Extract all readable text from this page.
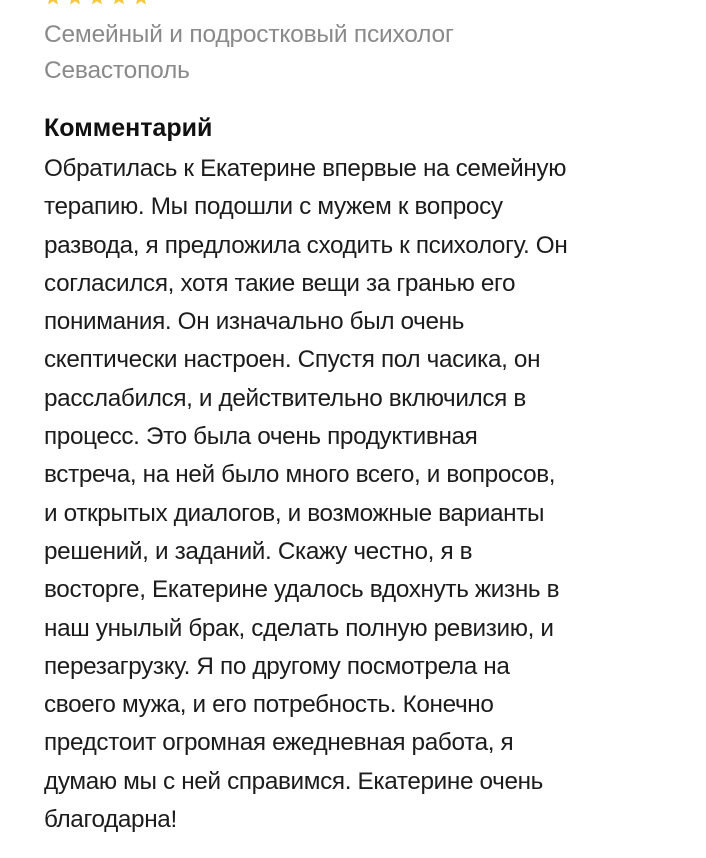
Семейный и подростковый психолог
Севастополь
Комментарий
Обратилась к Екатерине впервые на семейную
терапию. Мы подошли с мужем к вопросу
развода, я предложила сходить к психологу. Он
согласился, хотя такие вещи за гранью его
понимания. Он изначально был очень
скептически настроен. Спустя пол часика, он
расслабился, и действительно включился в
процесс. Это была очень продуктивная
встреча, на ней было много всего, и вопросов,
и открытых диалогов, и возможные варианты
решений, и заданий. Скажу честно, я в
восторге, Екатерине удалось вдохнуть жизнь в
наш унылый брак, сделать полную ревизию, и
перезагрузку. Я по другому посмотрела на
своего мужа, и его потребность. Конечно
предстоит огромная ежедневная работа, я
думаю мы с ней справимся. Екатерине очень
благодарна!
